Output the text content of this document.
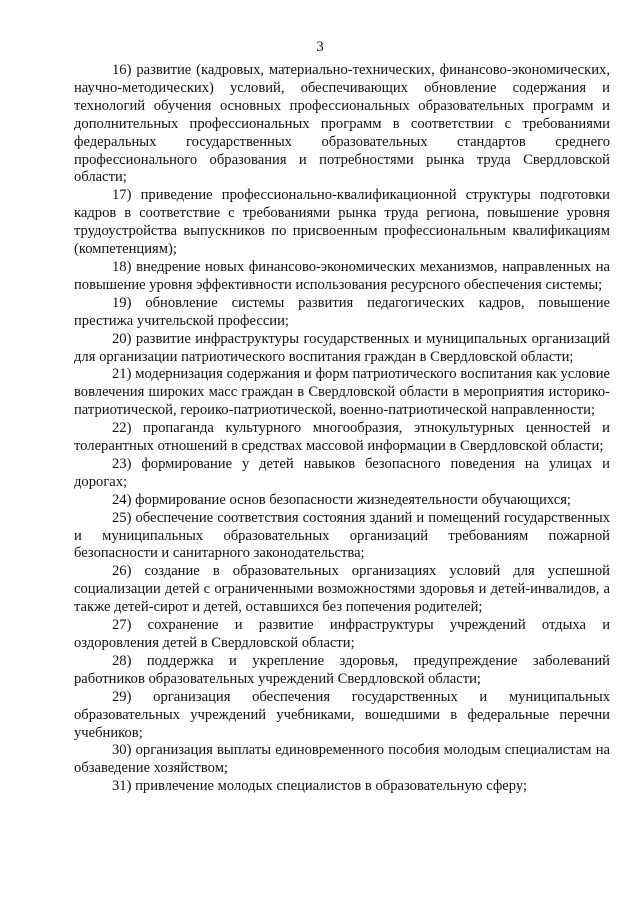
3

16) развитие (кадровых, материально-технических, финансово-экономических, научно-методических) условий, обеспечивающих обновление содержания и технологий обучения основных профессиональных образовательных программ и дополнительных профессиональных программ в соответствии с требованиями федеральных государственных образовательных стандартов среднего профессионального образования и потребностями рынка труда Свердловской области;

17) приведение профессионально-квалификационной структуры подготовки кадров в соответствие с требованиями рынка труда региона, повышение уровня трудоустройства выпускников по присвоенным профессиональным квалификациям (компетенциям);

18) внедрение новых финансово-экономических механизмов, направленных на повышение уровня эффективности использования ресурсного обеспечения системы;

19) обновление системы развития педагогических кадров, повышение престижа учительской профессии;

20) развитие инфраструктуры государственных и муниципальных организаций для организации патриотического воспитания граждан в Свердловской области;

21) модернизация содержания и форм патриотического воспитания как условие вовлечения широких масс граждан в Свердловской области в мероприятия историко-патриотической, героико-патриотической, военно-патриотической направленности;

22) пропаганда культурного многообразия, этнокультурных ценностей и толерантных отношений в средствах массовой информации в Свердловской области;

23) формирование у детей навыков безопасного поведения на улицах и дорогах;

24) формирование основ безопасности жизнедеятельности обучающихся;

25) обеспечение соответствия состояния зданий и помещений государственных и муниципальных образовательных организаций требованиям пожарной безопасности и санитарного законодательства;

26) создание в образовательных организациях условий для успешной социализации детей с ограниченными возможностями здоровья и детей-инвалидов, а также детей-сирот и детей, оставшихся без попечения родителей;

27) сохранение и развитие инфраструктуры учреждений отдыха и оздоровления детей в Свердловской области;

28) поддержка и укрепление здоровья, предупреждение заболеваний работников образовательных учреждений Свердловской области;

29) организация обеспечения государственных и муниципальных образовательных учреждений учебниками, вошедшими в федеральные перечни учебников;

30) организация выплаты единовременного пособия молодым специалистам на обзаведение хозяйством;

31) привлечение молодых специалистов в образовательную сферу;
